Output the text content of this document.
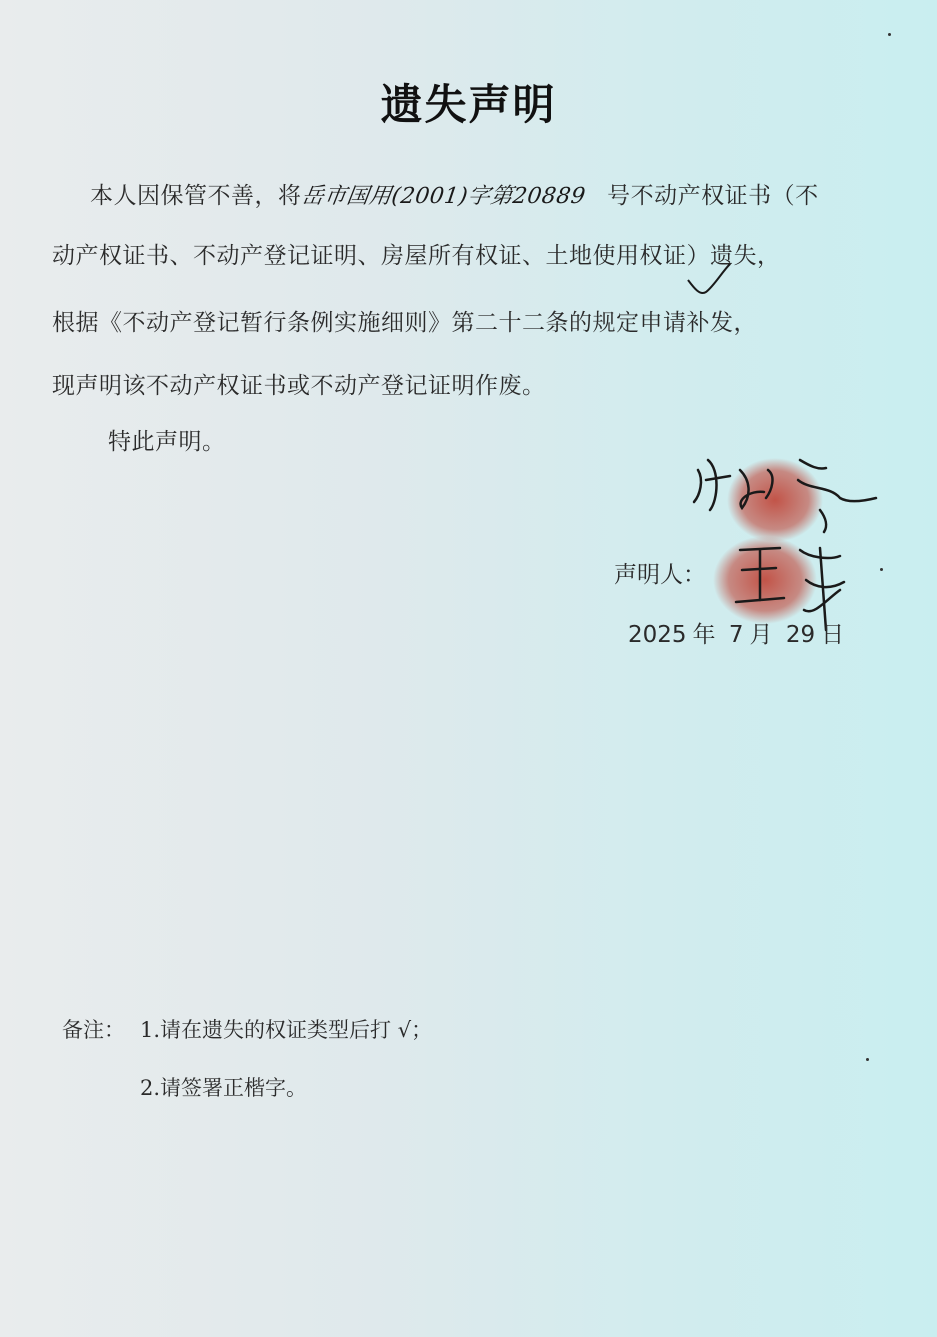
遗失声明
本人因保管不善，将岳市国用(2001)字第20889 号不动产权证书（不
动产权证书、不动产登记证明、房屋所有权证、土地使用权证）遗失，
根据《不动产登记暂行条例实施细则》第二十二条的规定申请补发，
现声明该不动产权证书或不动产登记证明作废。
特此声明。
声明人：
2025 年 7 月 29 日
备注： 1.请在遗失的权证类型后打 √；
2.请签署正楷字。
